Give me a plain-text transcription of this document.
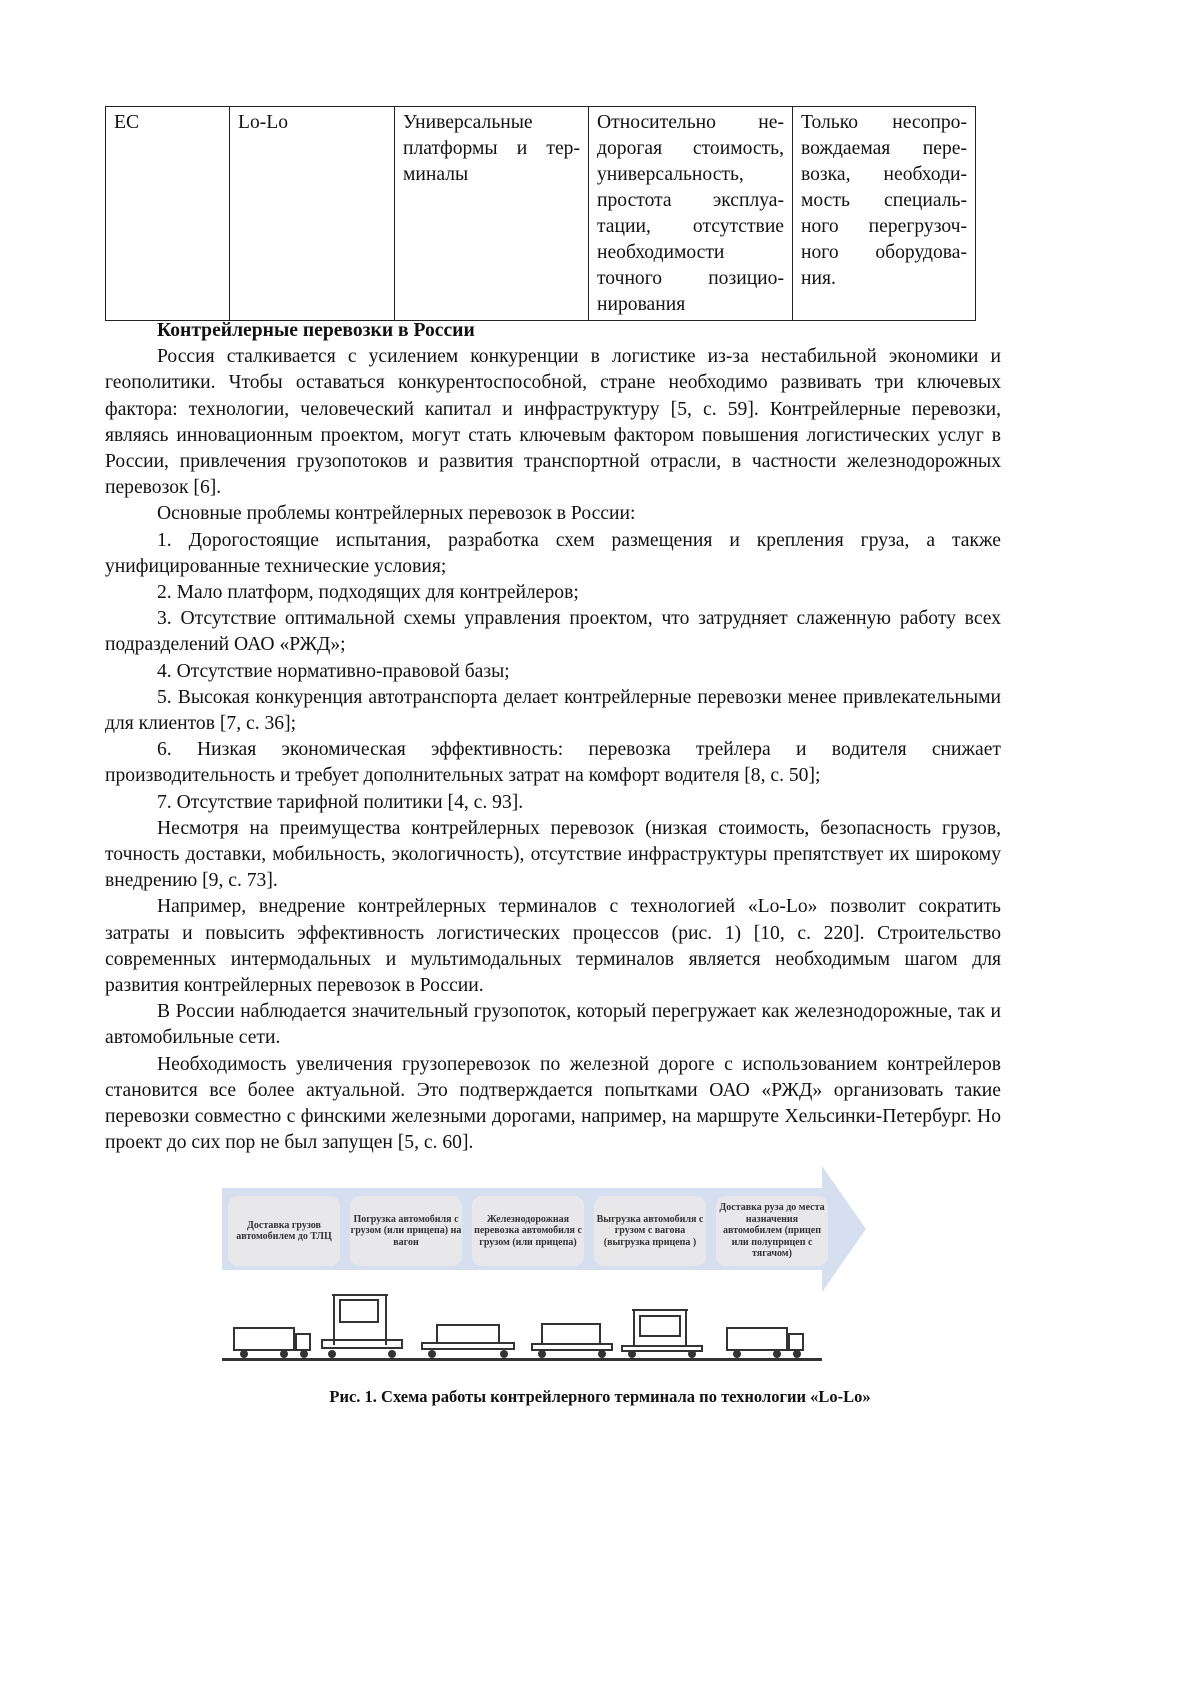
ЕС	Lo-Lo	Универсальные
платформы и тер-
миналы

Относительно не-
дорогая стоимость,
универсальность,
простота эксплуа-
тации, отсутствие
необходимости
точного позицио-
нирования

Только несопро-
вождаемая пере-
возка, необходи-
мость специаль-
ного перегрузоч-
ного оборудова-
ния.
Контрейлерные перевозки в России

Россия сталкивается с усилением конкуренции в логистике из-за нестабильной экономики и геополитики. Чтобы оставаться конкурентоспособной, стране необходимо развивать три ключевых фактора: технологии, человеческий капитал и инфраструктуру [5, с. 59]. Контрейлерные перевозки, являясь инновационным проектом, могут стать ключевым фактором повышения логистических услуг в России, привлечения грузопотоков и развития транспортной отрасли, в частности железнодорожных перевозок [6].

Основные проблемы контрейлерных перевозок в России:

1. Дорогостоящие испытания, разработка схем размещения и крепления груза, а также унифицированные технические условия;

2. Мало платформ, подходящих для контрейлеров;

3. Отсутствие оптимальной схемы управления проектом, что затрудняет слаженную работу всех подразделений ОАО «РЖД»;

4. Отсутствие нормативно-правовой базы;

5. Высокая конкуренция автотранспорта делает контрейлерные перевозки менее привлекательными для клиентов [7, с. 36];

6. Низкая экономическая эффективность: перевозка трейлера и водителя снижает производительность и требует дополнительных затрат на комфорт водителя [8, с. 50];

7. Отсутствие тарифной политики [4, с. 93].

Несмотря на преимущества контрейлерных перевозок (низкая стоимость, безопасность грузов, точность доставки, мобильность, экологичность), отсутствие инфраструктуры препятствует их широкому внедрению [9, с. 73].

Например, внедрение контрейлерных терминалов с технологией «Lo-Lo» позволит сократить затраты и повысить эффективность логистических процессов (рис. 1) [10, с. 220]. Строительство современных интермодальных и мультимодальных терминалов является необходимым шагом для развития контрейлерных перевозок в России.

В России наблюдается значительный грузопоток, который перегружает как железнодорожные, так и автомобильные сети.

Необходимость увеличения грузоперевозок по железной дороге с использованием контрейлеров становится все более актуальной. Это подтверждается попытками ОАО «РЖД» организовать такие перевозки совместно с финскими железными дорогами, например, на маршруте Хельсинки-Петербург. Но проект до сих пор не был запущен [5, с. 60].

Доставка грузов автомобилем до ТЛЦ
Погрузка автомобиля с грузом (или прицепа) на вагон
Железнодорожная перевозка автомобиля с грузом (или прицепа)
Выгрузка автомобиля с грузом с вагона (выгрузка прицепа )
Доставка руза до места назначения автомобилем (прицеп или полуприцеп с тягачом)
Рис. 1. Схема работы контрейлерного терминала по технологии «Lo-Lo»
